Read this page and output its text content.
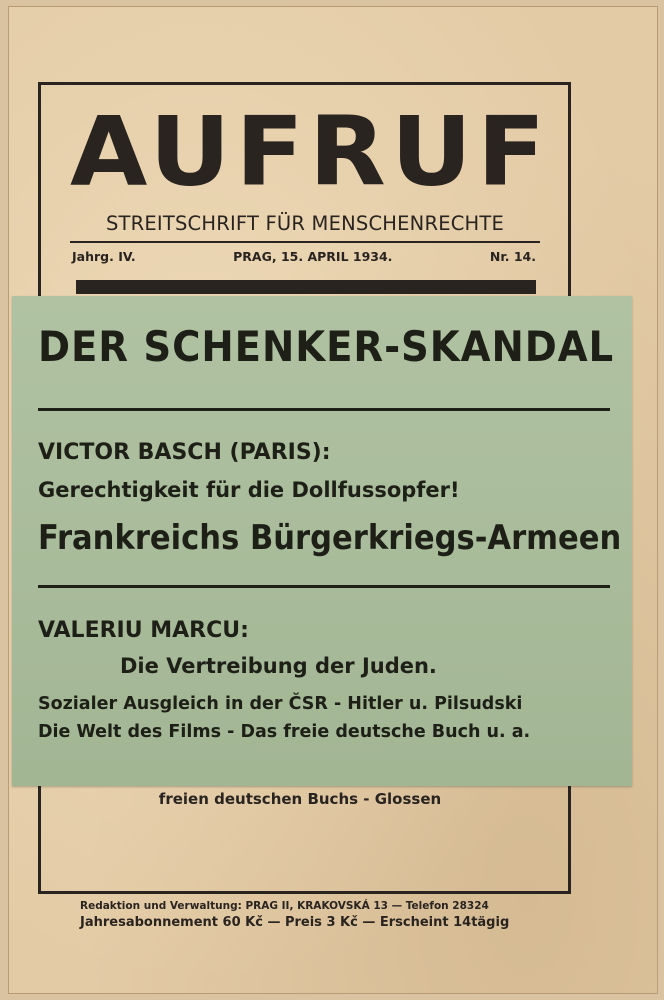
AUFRUF
STREITSCHRIFT FÜR MENSCHENRECHTE
Jahrg. IV.	PRAG, 15. APRIL 1934.	Nr. 14.
DER SCHENKER-SKANDAL
VICTOR BASCH (PARIS):
Gerechtigkeit für die Dollfussopfer!
Frankreichs Bürgerkriegs-Armeen
VALERIU MARCU:
Die Vertreibung der Juden.
Sozialer Ausgleich in der ČSR - Hitler u. Pilsudski
Die Welt des Films - Das freie deutsche Buch u. a.
freien deutschen Buchs - Glossen
Redaktion und Verwaltung: PRAG II, KRAKOVSKÁ 13 — Telefon 28324
Jahresabonnement 60 Kč — Preis 3 Kč — Erscheint 14tägig
